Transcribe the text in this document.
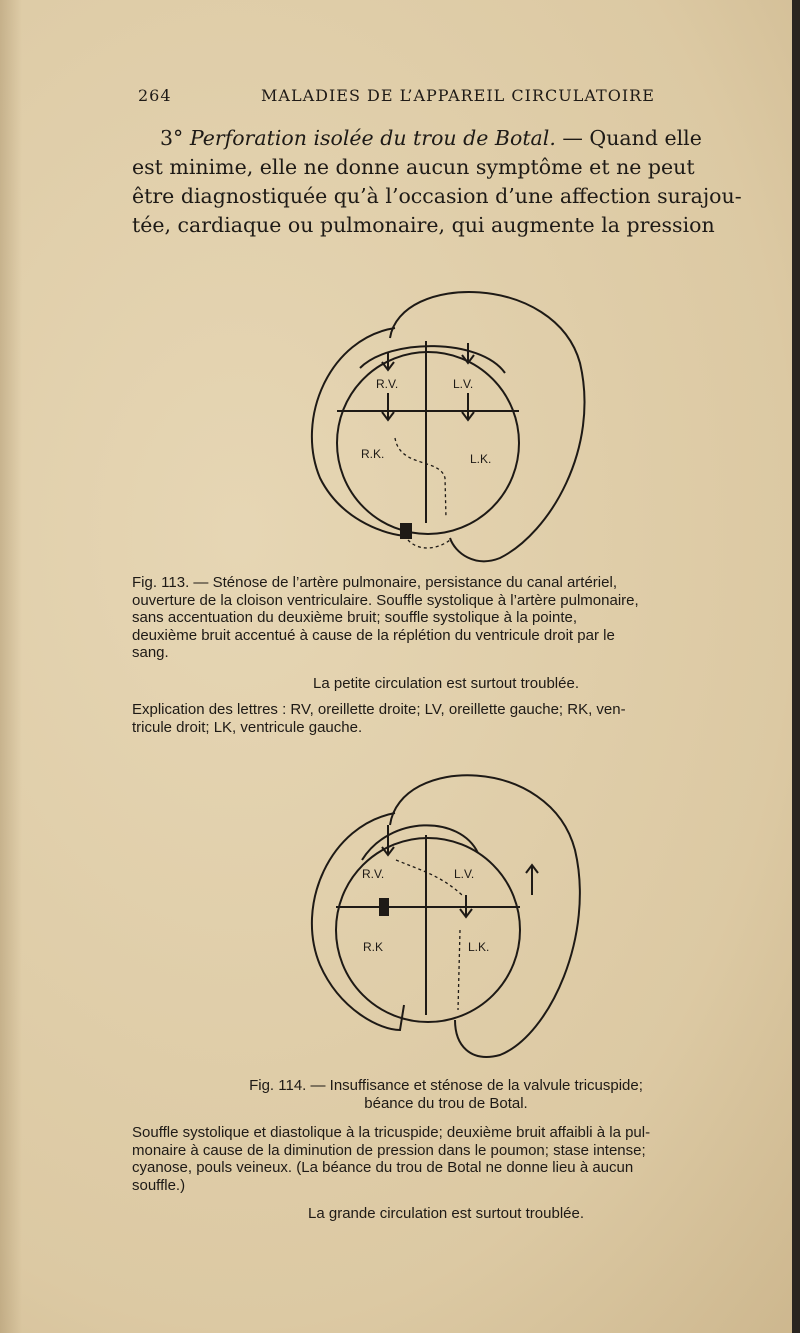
264	MALADIES DE L’APPAREIL CIRCULATOIRE
3° Perforation isolée du trou de Botal. — Quand elle
est minime, elle ne donne aucun symptôme et ne peut
être diagnostiquée qu’à l’occasion d’une affection surajou-
tée, cardiaque ou pulmonaire, qui augmente la pression
R.V.	L.V.
R.K.	L.K.

Fig. 113. — Sténose de l’artère pulmonaire, persistance du canal artériel,

ouverture de la cloison ventriculaire. Souffle systolique à l’artère pulmonaire,

sans accentuation du deuxième bruit; souffle systolique à la pointe,

deuxième bruit accentué à cause de la réplétion du ventricule droit par le

sang.

La petite circulation est surtout troublée.

Explication des lettres : RV, oreillette droite; LV, oreillette gauche; RK, ven-

tricule droit; LK, ventricule gauche.

R.V.	L.V.
R.K	L.K.
Fig. 114. — Insuffisance et sténose de la valvule tricuspide;
béance du trou de Botal.

Souffle systolique et diastolique à la tricuspide; deuxième bruit affaibli à la pul-

monaire à cause de la diminution de pression dans le poumon; stase intense;

cyanose, pouls veineux. (La béance du trou de Botal ne donne lieu à aucun

souffle.)

La grande circulation est surtout troublée.
